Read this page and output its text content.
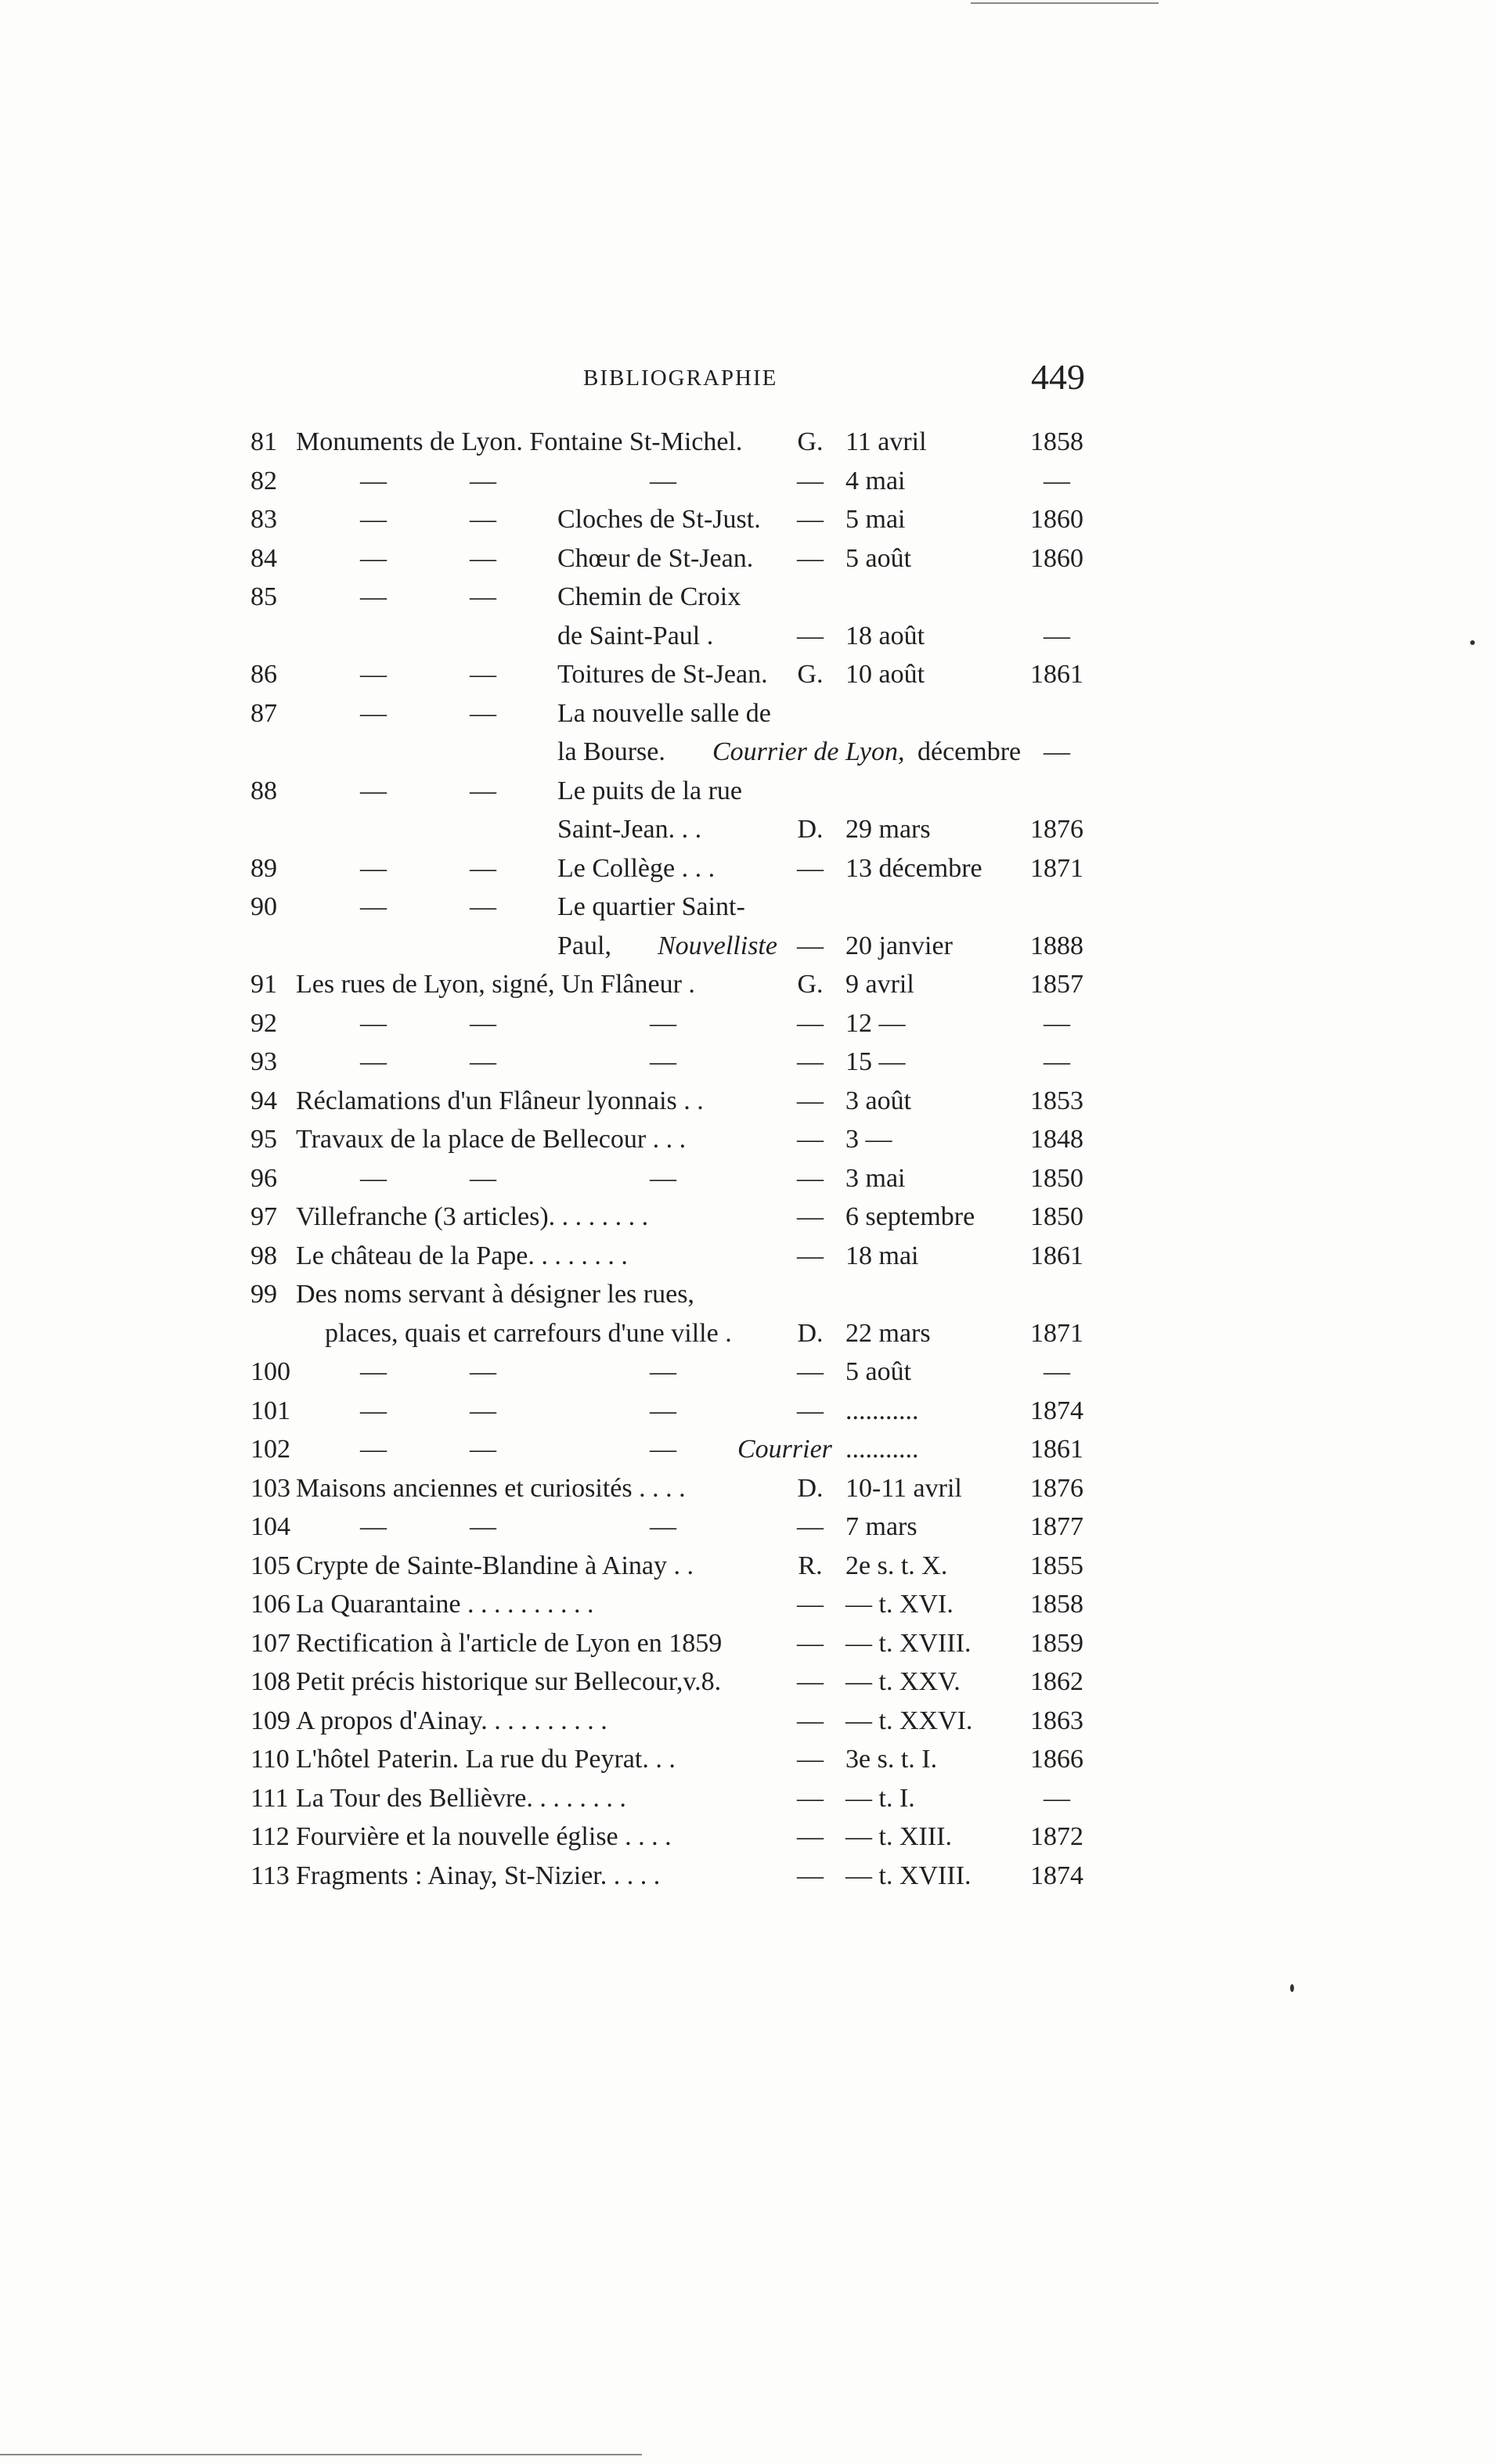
BIBLIOGRAPHIE	449
81 Monuments de Lyon. Fontaine St-Michel. G. 11 avril	1858
82	—	—	—	— 4 mai	—
83	—	— Cloches de St-Just. — 5 mai	1860
84	—	— Chœur de St-Jean. — 5 août	1860
85	—	— Chemin de Croix
de Saint-Paul .	— 18 août	—
86	—	— Toitures de St-Jean. G. 10 août	1861
87	—	— La nouvelle salle de
la Bourse. Courrier de Lyon, décembre —
88	—	— Le puits de la rue
Saint-Jean. . .	D. 29 mars	1876
89	—	— Le Collège . . .	— 13 décembre 1871
90	—	— Le quartier Saint-
Paul, Nouvelliste — 20 janvier	1888
91 Les rues de Lyon, signé, Un Flâneur .	G. 9 avril	1857
92	—	—	—	— 12 —	—
93	—	—	—	— 15 —	—
94 Réclamations d'un Flâneur lyonnais . .	— 3 août	1853
95 Travaux de la place de Bellecour . . .	— 3 —	1848
96	—	—	—	— 3 mai	1850
97 Villefranche (3 articles). . . . . . . .	— 6 septembre 1850
98 Le château de la Pape. . . . . . . .	— 18 mai	1861
99 Des noms servant à désigner les rues,
places, quais et carrefours d'une ville . D. 22 mars	1871
100	—	—	—	— 5 août	—
101	—	—	—	— ...........	1874
102	—	—	— Courrier ...........	1861
103 Maisons anciennes et curiosités . . . .	D. 10-11 avril	1876
104	—	—	—	— 7 mars	1877
105 Crypte de Sainte-Blandine à Ainay . .	R. 2e s. t. X.	1855
106 La Quarantaine . . . . . . . . . .	— — t. XVI.	1858
107 Rectification à l'article de Lyon en 1859	— — t. XVIII. 1859
108 Petit précis historique sur Bellecour,v.8.	— — t. XXV.	1862
109 A propos d'Ainay. . . . . . . . . .	— — t. XXVI. 1863
110 L'hôtel Paterin. La rue du Peyrat. . .	— 3e s. t. I.	1866
111 La Tour des Bellièvre. . . . . . . .	— — t. I.	—
112 Fourvière et la nouvelle église . . . .	— — t. XIII.	1872
113 Fragments : Ainay, St-Nizier. . . . .	— — t. XVIII. 1874
